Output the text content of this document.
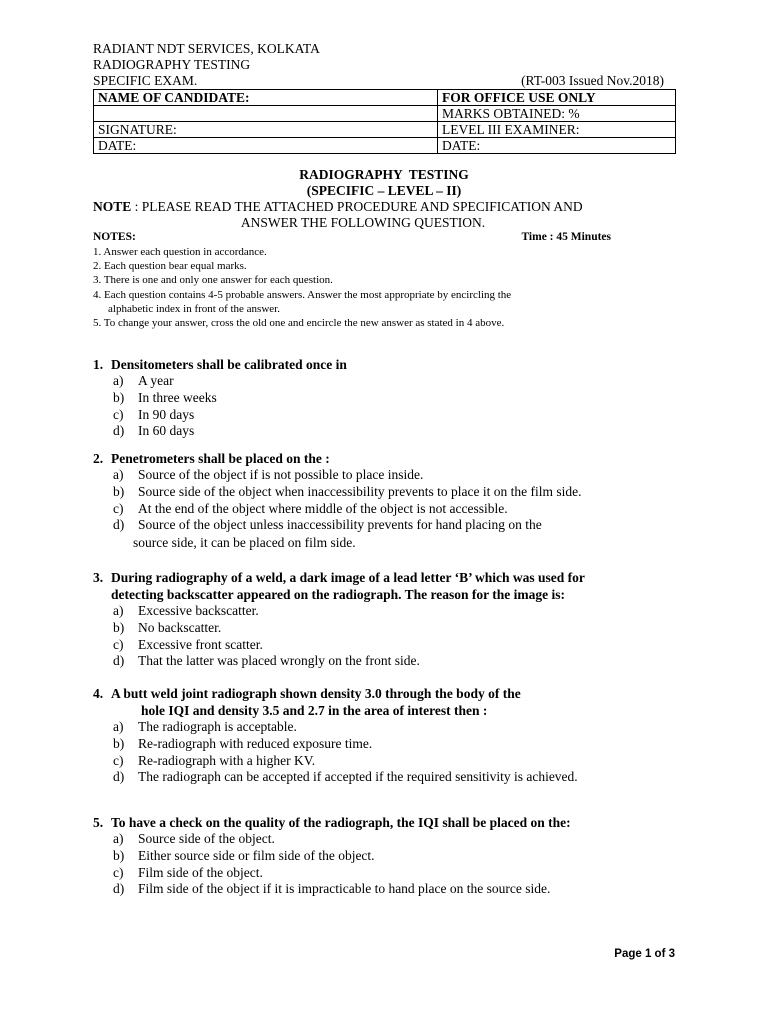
RADIANT NDT SERVICES, KOLKATA
RADIOGRAPHY TESTING
SPECIFIC EXAM.	(RT-003 Issued Nov.2018)
NAME OF CANDIDATE:	FOR OFFICE USE ONLY
	MARKS OBTAINED: %
SIGNATURE:	LEVEL III EXAMINER:
DATE:	DATE:
RADIOGRAPHY  TESTING
(SPECIFIC – LEVEL – II)
NOTE : PLEASE READ THE ATTACHED PROCEDURE AND SPECIFICATION AND
ANSWER THE FOLLOWING QUESTION.
NOTES:	Time : 45 Minutes
1. Answer each question in accordance.
2. Each question bear equal marks.
3. There is one and only one answer for each question.
4. Each question contains 4-5 probable answers. Answer the most appropriate by encircling the
alphabetic index in front of the answer.
5. To change your answer, cross the old one and encircle the new answer as stated in 4 above.
1. Densitometers shall be calibrated once in
a) A year
b) In three weeks
c) In 90 days
d) In 60 days
2. Penetrometers shall be placed on the :
a) Source of the object if is not possible to place inside.
b) Source side of the object when inaccessibility prevents to place it on the film side.
c) At the end of the object where middle of the object is not accessible.
d) Source of the object unless inaccessibility prevents for hand placing on the
source side, it can be placed on film side.
3. During radiography of a weld, a dark image of a lead letter ‘B’ which was used for
detecting backscatter appeared on the radiograph. The reason for the image is:
a) Excessive backscatter.
b) No backscatter.
c) Excessive front scatter.
d) That the latter was placed wrongly on the front side.
4. A butt weld joint radiograph shown density 3.0 through the body of the
hole IQI and density 3.5 and 2.7 in the area of interest then :
a) The radiograph is acceptable.
b) Re-radiograph with reduced exposure time.
c) Re-radiograph with a higher KV.
d) The radiograph can be accepted if accepted if the required sensitivity is achieved.
5. To have a check on the quality of the radiograph, the IQI shall be placed on the:
a) Source side of the object.
b) Either source side or film side of the object.
c) Film side of the object.
d) Film side of the object if it is impracticable to hand place on the source side.
Page 1 of 3
